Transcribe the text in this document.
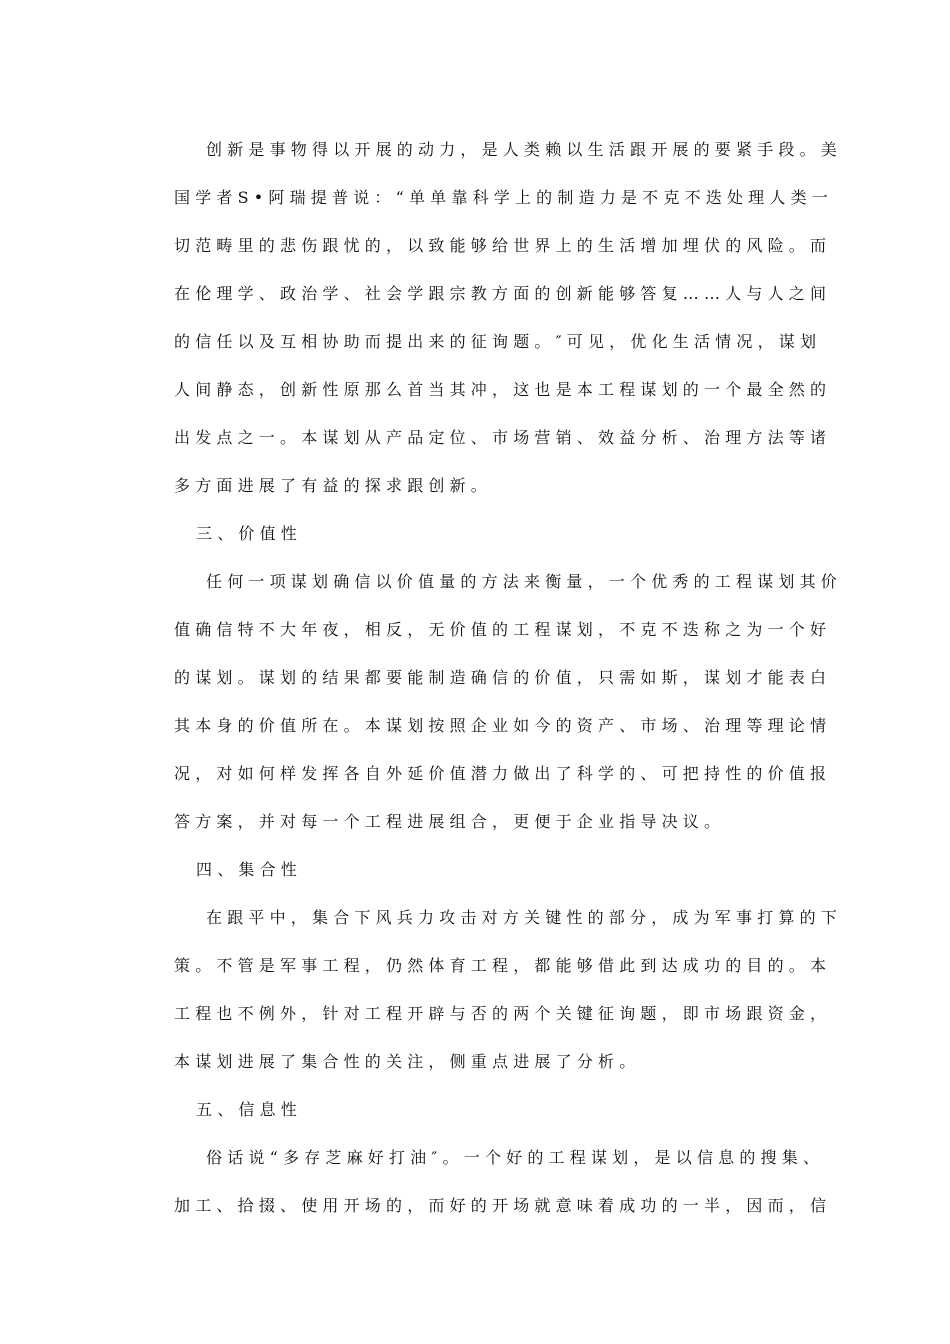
创新是事物得以开展的动力，是人类赖以生活跟开展的要紧手段。美
国学者S•阿瑞提普说：“单单靠科学上的制造力是不克不迭处理人类一
切范畴里的悲伤跟忧的，以致能够给世界上的生活增加埋伏的风险。而
在伦理学、政治学、社会学跟宗教方面的创新能够答复……人与人之间
的信任以及互相协助而提出来的征询题。″可见，优化生活情况，谋划
人间静态，创新性原那么首当其冲，这也是本工程谋划的一个最全然的
出发点之一。本谋划从产品定位、市场营销、效益分析、治理方法等诸
多方面进展了有益的探求跟创新。
三、价值性
任何一项谋划确信以价值量的方法来衡量，一个优秀的工程谋划其价
值确信特不大年夜，相反，无价值的工程谋划，不克不迭称之为一个好
的谋划。谋划的结果都要能制造确信的价值，只需如斯，谋划才能表白
其本身的价值所在。本谋划按照企业如今的资产、市场、治理等理论情
况，对如何样发挥各自外延价值潜力做出了科学的、可把持性的价值报
答方案，并对每一个工程进展组合，更便于企业指导决议。
四、集合性
在跟平中，集合下风兵力攻击对方关键性的部分，成为军事打算的下
策。不管是军事工程，仍然体育工程，都能够借此到达成功的目的。本
工程也不例外，针对工程开辟与否的两个关键征询题，即市场跟资金，
本谋划进展了集合性的关注，侧重点进展了分析。
五、信息性
俗话说“多存芝麻好打油″。一个好的工程谋划，是以信息的搜集、
加工、拾掇、使用开场的，而好的开场就意味着成功的一半，因而，信
